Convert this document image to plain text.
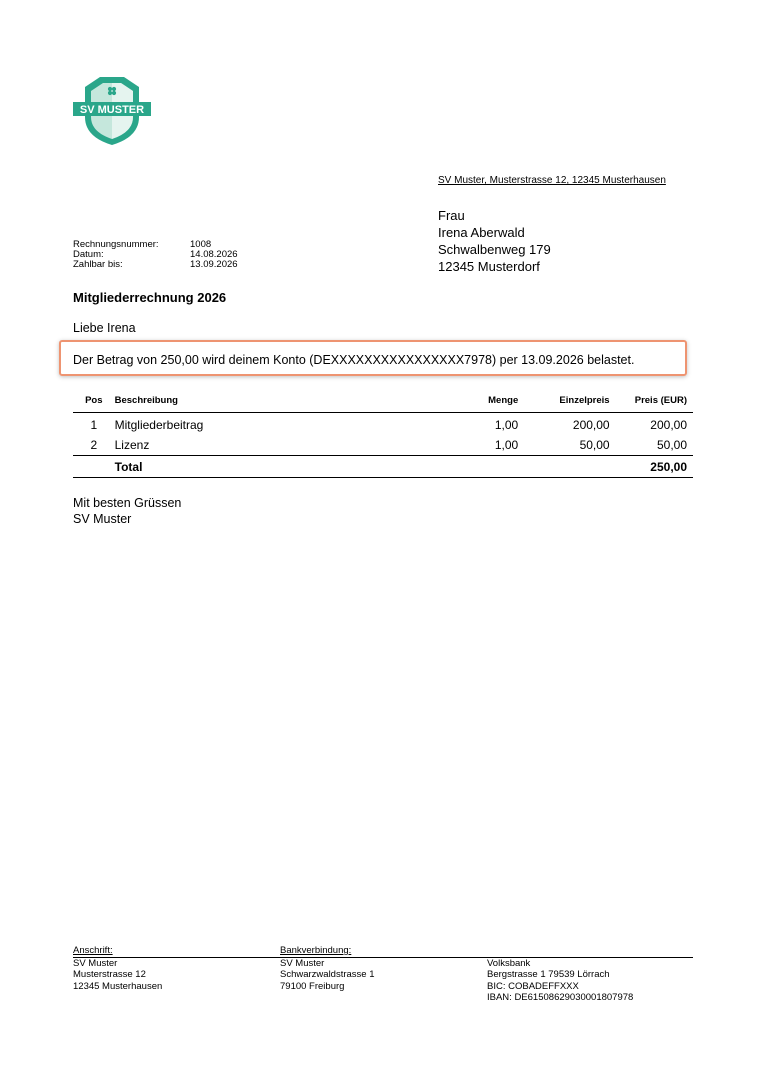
SV MUSTER
SV Muster, Musterstrasse 12, 12345 Musterhausen
Frau
Irena Aberwald
Schwalbenweg 179
12345 Musterdorf
Rechnungsnummer:	1008
Datum:	14.08.2026
Zahlbar bis:	13.09.2026
Mitgliederrechnung 2026
Liebe Irena
Der Betrag von 250,00 wird deinem Konto (DEXXXXXXXXXXXXXXXX7978) per 13.09.2026 belastet.
Pos	Beschreibung	Menge	Einzelpreis	Preis (EUR)
1	Mitgliederbeitrag	1,00	200,00	200,00
2	Lizenz	1,00	50,00	50,00
	Total			250,00
Mit besten Grüssen
SV Muster
Anschrift:	Bankverbindung:
SV Muster
Musterstrasse 12
12345 Musterhausen
SV Muster
Schwarzwaldstrasse 1
79100 Freiburg
Volksbank
Bergstrasse 1 79539 Lörrach
BIC: COBADEFFXXX
IBAN: DE61508629030001807978
